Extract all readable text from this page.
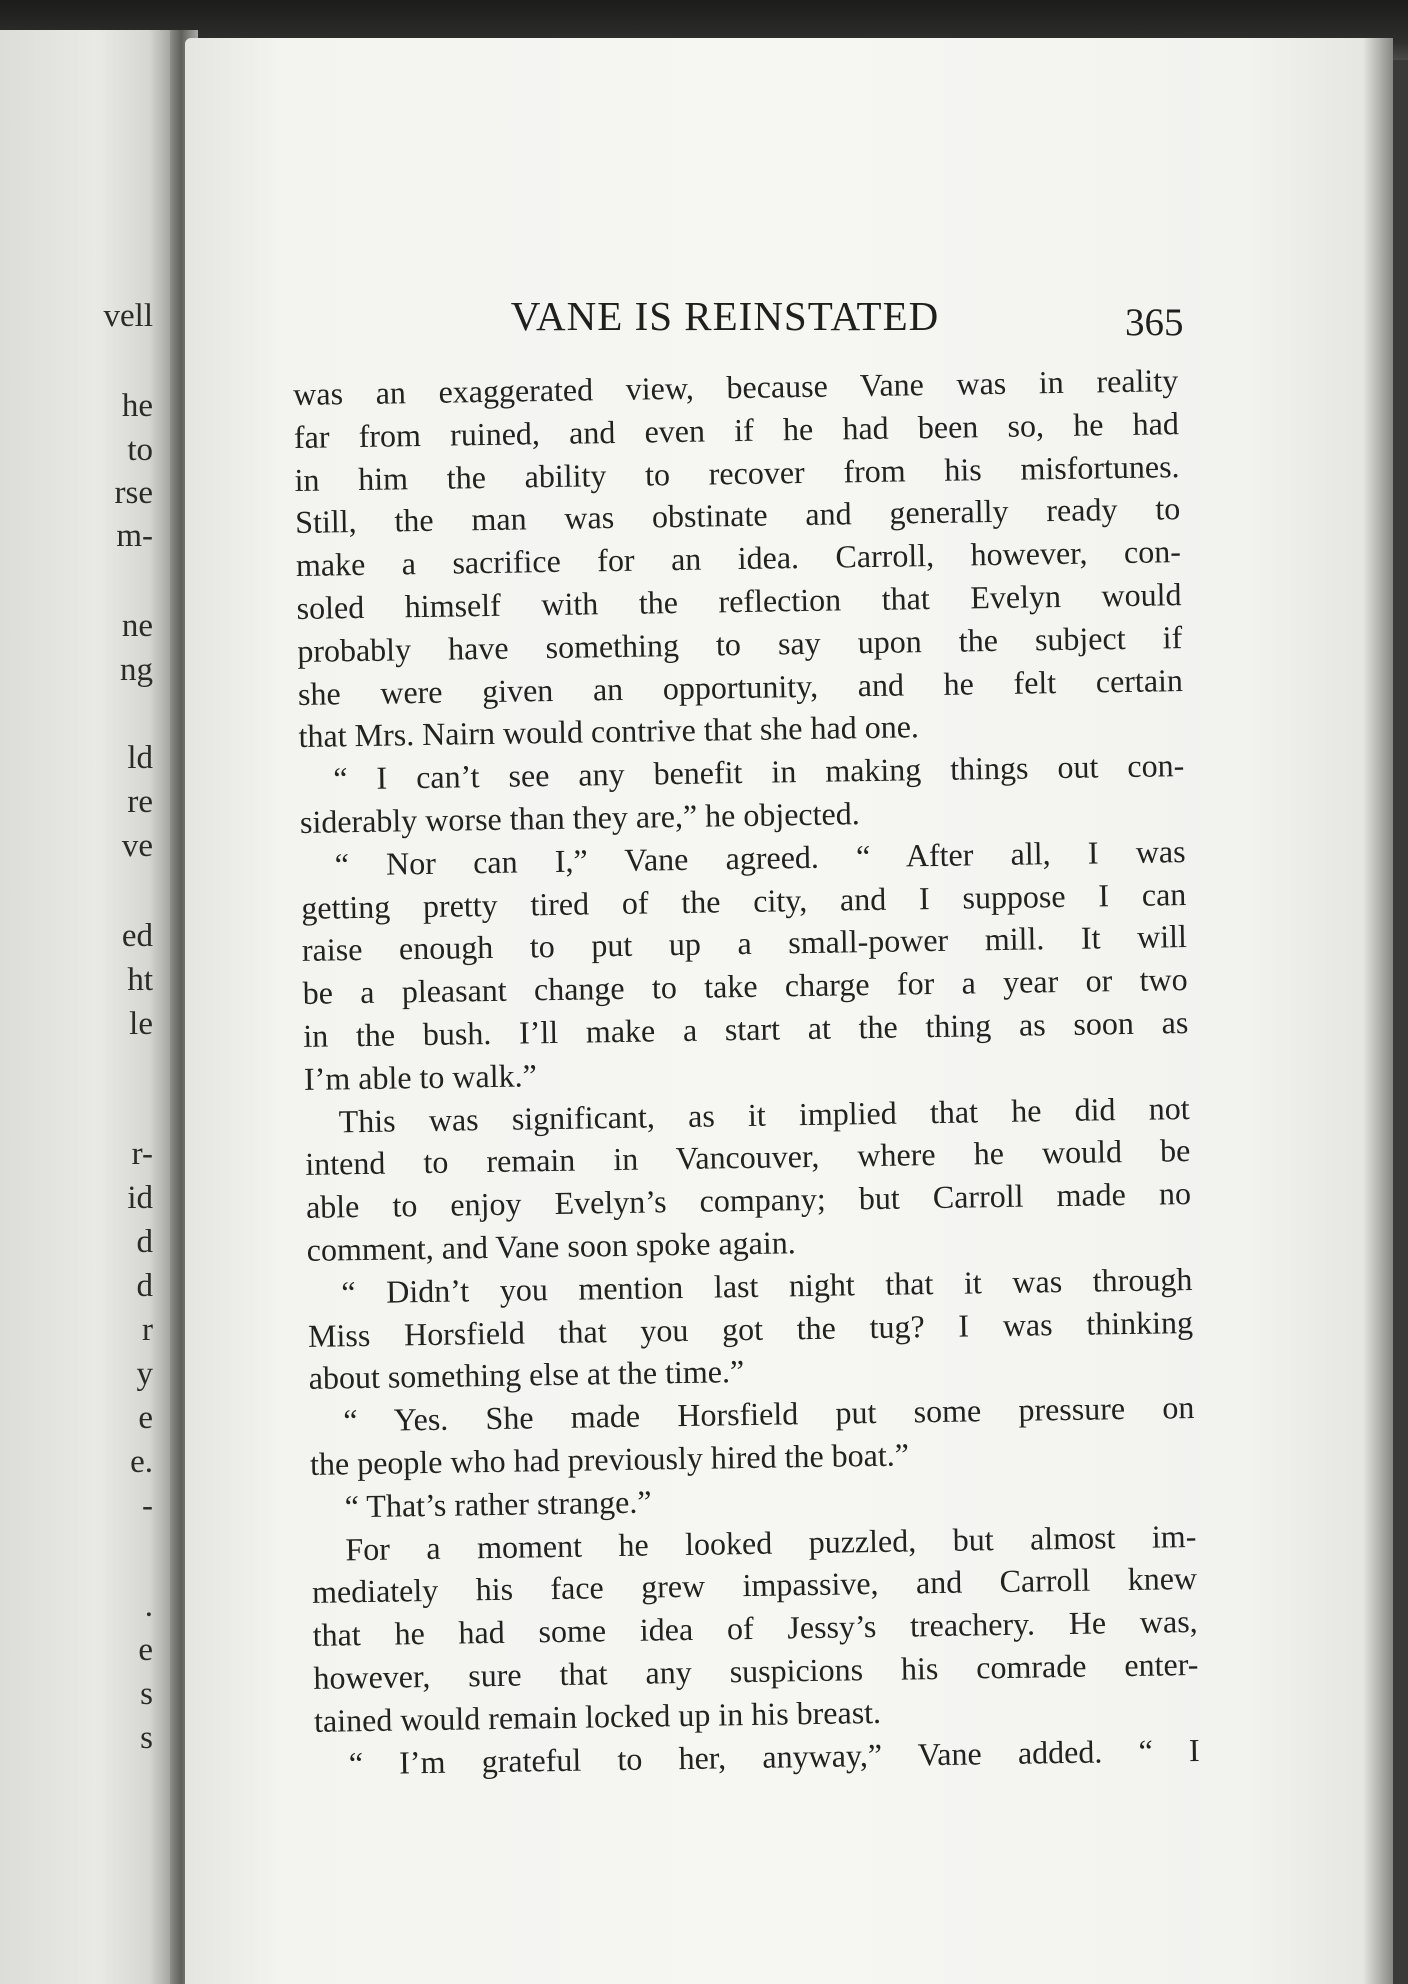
vell
he
to
rse
m-
ne
ng
ld
re
ve
ed
ht
le
r-
id
d
d
r
y
e
e.
-
.
e
s
s
VANE IS REINSTATED	365
was an exaggerated view, because Vane was in reality
far from ruined, and even if he had been so, he had
in him the ability to recover from his misfortunes.
Still, the man was obstinate and generally ready to
make a sacrifice for an idea. Carroll, however, con-
soled himself with the reflection that Evelyn would
probably have something to say upon the subject if
she were given an opportunity, and he felt certain
that Mrs. Nairn would contrive that she had one.
“ I can’t see any benefit in making things out con-
siderably worse than they are,” he objected.
“ Nor can I,” Vane agreed. “ After all, I was
getting pretty tired of the city, and I suppose I can
raise enough to put up a small-power mill. It will
be a pleasant change to take charge for a year or two
in the bush. I’ll make a start at the thing as soon as
I’m able to walk.”
This was significant, as it implied that he did not
intend to remain in Vancouver, where he would be
able to enjoy Evelyn’s company; but Carroll made no
comment, and Vane soon spoke again.
“ Didn’t you mention last night that it was through
Miss Horsfield that you got the tug? I was thinking
about something else at the time.”
“ Yes. She made Horsfield put some pressure on
the people who had previously hired the boat.”
“ That’s rather strange.”
For a moment he looked puzzled, but almost im-
mediately his face grew impassive, and Carroll knew
that he had some idea of Jessy’s treachery. He was,
however, sure that any suspicions his comrade enter-
tained would remain locked up in his breast.
“ I’m grateful to her, anyway,” Vane added. “ I
